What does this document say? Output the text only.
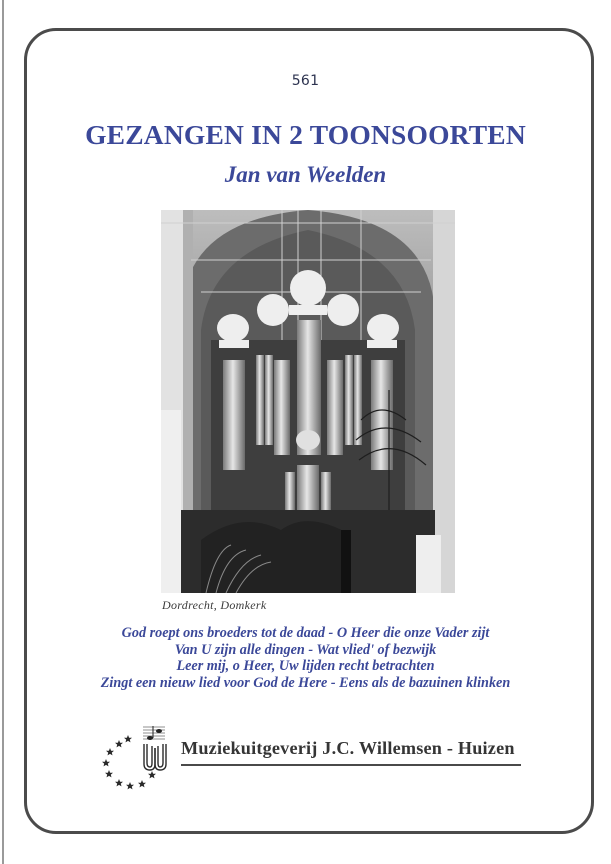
561
GEZANGEN IN 2 TOONSOORTEN
Jan van Weelden
Dordrecht, Domkerk
God roept ons broeders tot de daad - O Heer die onze Vader zijt
Van U zijn alle dingen - Wat vlied' of bezwijk
Leer mij, o Heer, Uw lijden recht betrachten
Zingt een nieuw lied voor God de Here - Eens als de bazuinen klinken
Muziekuitgeverij J.C. Willemsen - Huizen
